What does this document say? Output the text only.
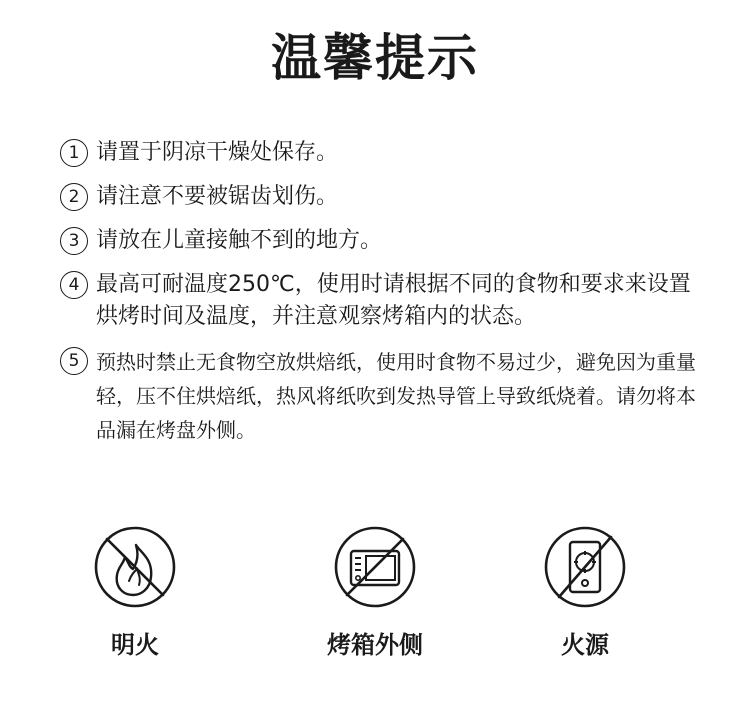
温馨提示
1 请置于阴凉干燥处保存。
2 请注意不要被锯齿划伤。
3 请放在儿童接触不到的地方。
4 最高可耐温度250℃，使用时请根据不同的食物和要求来设置烘烤时间及温度，并注意观察烤箱内的状态。
5 预热时禁止无食物空放烘焙纸，使用时食物不易过少，避免因为重量轻，压不住烘焙纸，热风将纸吹到发热导管上导致纸烧着。请勿将本品漏在烤盘外侧。
明火	烤箱外侧	火源
